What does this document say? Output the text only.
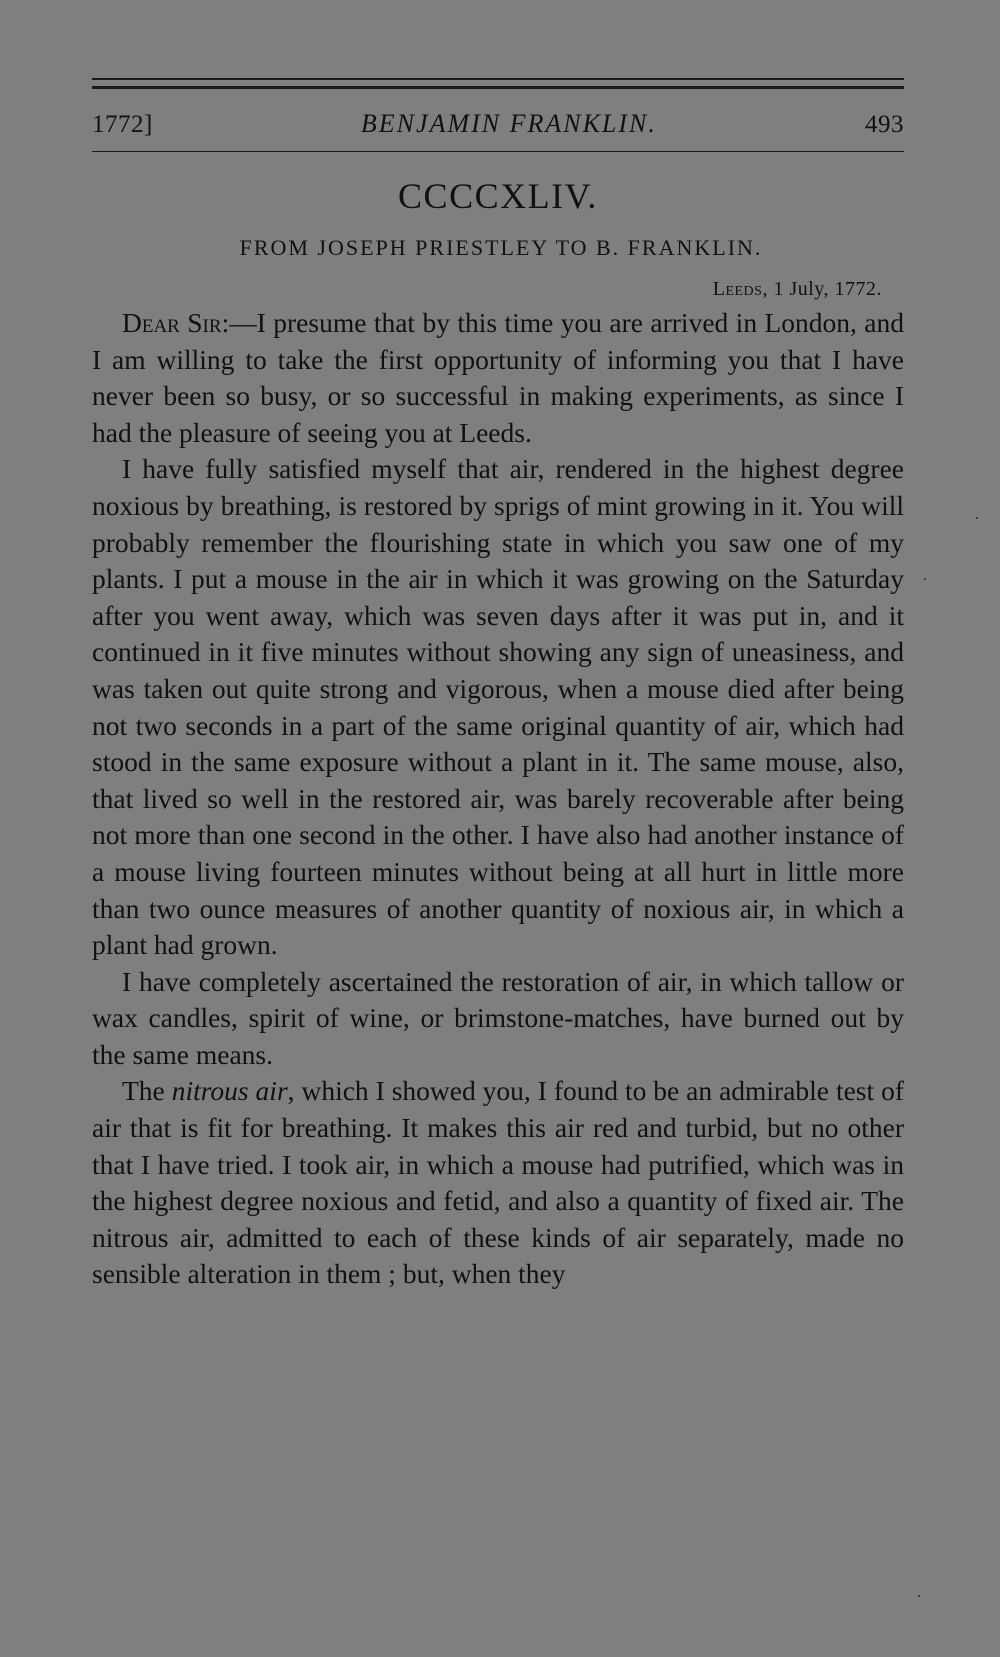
1772]	BENJAMIN FRANKLIN.	493
CCCCXLIV.
FROM JOSEPH PRIESTLEY TO B. FRANKLIN.
Leeds, 1 July, 1772.

Dear Sir:—I presume that by this time you are arrived in London, and I am willing to take the first opportunity of informing you that I have never been so busy, or so successful in making experiments, as since I had the pleasure of seeing you at Leeds.

I have fully satisfied myself that air, rendered in the highest degree noxious by breathing, is restored by sprigs of mint growing in it. You will probably remember the flourishing state in which you saw one of my plants. I put a mouse in the air in which it was growing on the Saturday after you went away, which was seven days after it was put in, and it continued in it five minutes without showing any sign of uneasiness, and was taken out quite strong and vigorous, when a mouse died after being not two seconds in a part of the same original quantity of air, which had stood in the same exposure without a plant in it. The same mouse, also, that lived so well in the restored air, was barely recoverable after being not more than one second in the other. I have also had another instance of a mouse living fourteen minutes without being at all hurt in little more than two ounce measures of another quantity of noxious air, in which a plant had grown.

I have completely ascertained the restoration of air, in which tallow or wax candles, spirit of wine, or brimstone-matches, have burned out by the same means.

The nitrous air, which I showed you, I found to be an admirable test of air that is fit for breathing. It makes this air red and turbid, but no other that I have tried. I took air, in which a mouse had putrified, which was in the highest degree noxious and fetid, and also a quantity of fixed air. The nitrous air, admitted to each of these kinds of air separately, made no sensible alteration in them ; but, when they
